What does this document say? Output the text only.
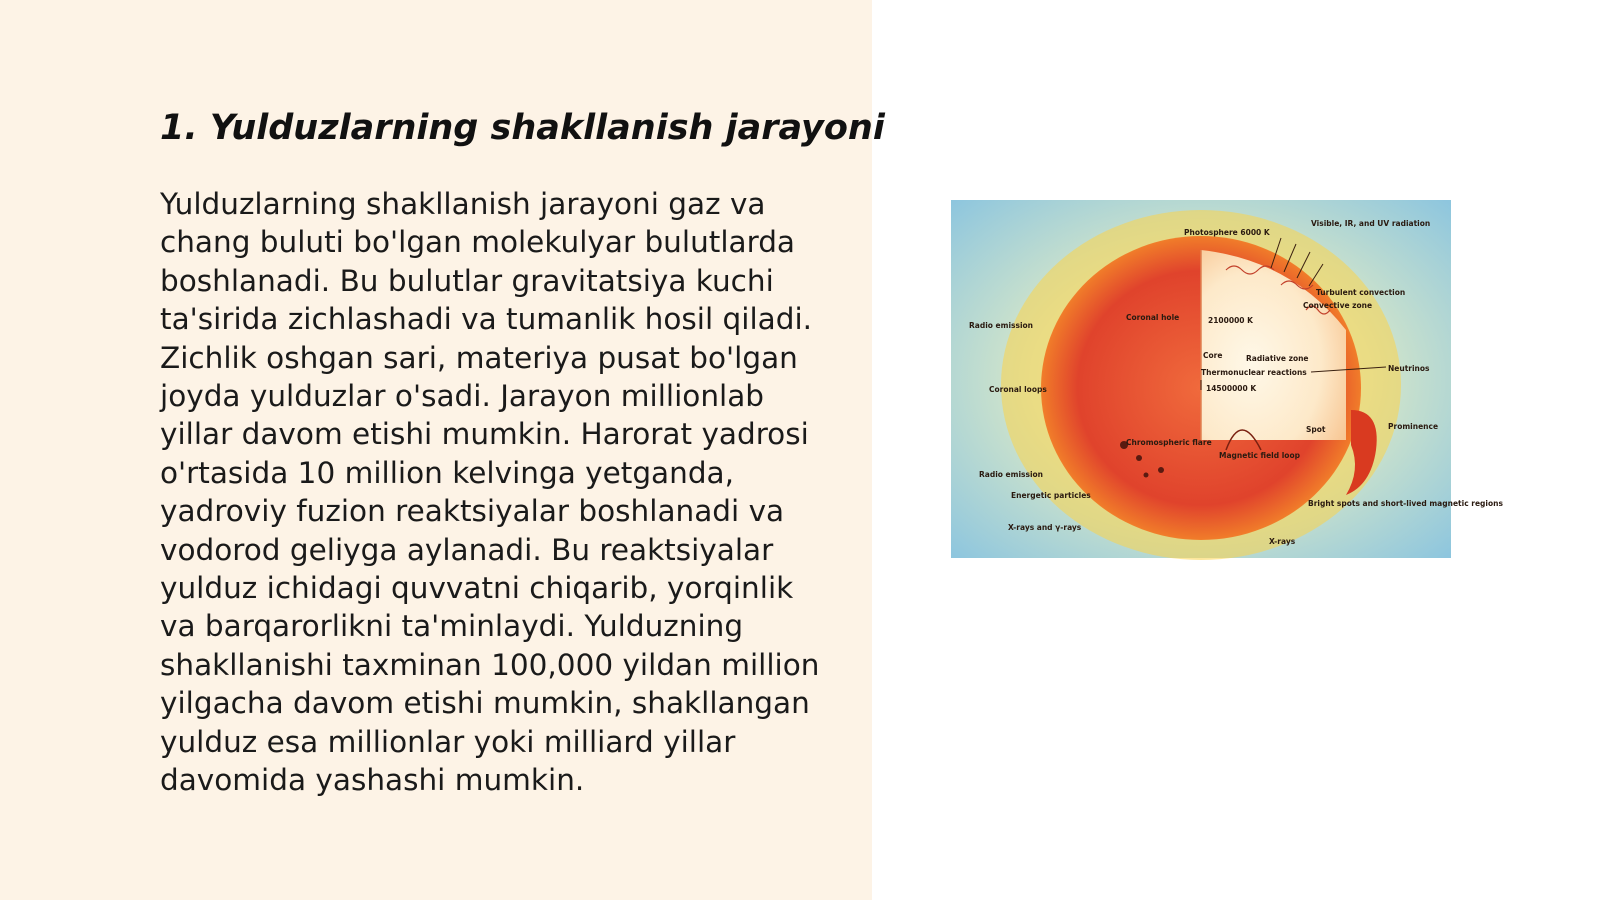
1. Yulduzlarning shakllanish jarayoni
Yulduzlarning shakllanish jarayoni gaz va
chang buluti bo'lgan molekulyar bulutlarda
boshlanadi. Bu bulutlar gravitatsiya kuchi
ta'sirida zichlashadi va tumanlik hosil qiladi.
Zichlik oshgan sari, materiya pusat bo'lgan
joyda yulduzlar o'sadi. Jarayon millionlab
yillar davom etishi mumkin. Harorat yadrosi
o'rtasida 10 million kelvinga yetganda,
yadroviy fuzion reaktsiyalar boshlanadi va
vodorod geliyga aylanadi. Bu reaktsiyalar
yulduz ichidagi quvvatni chiqarib, yorqinlik
va barqarorlikni ta'minlaydi. Yulduzning
shakllanishi taxminan 100,000 yildan million
yilgacha davom etishi mumkin, shakllangan
yulduz esa millionlar yoki milliard yillar
davomida yashashi mumkin.
Photosphere 6000 K
Visible, IR, and UV radiation
Turbulent convection
Convective zone
Radio emission
Coronal hole	2100000 K
Core	Radiative zone
Thermonuclear reactions	Neutrinos
14500000 K
Coronal loops
Prominence
Spot
Chromospheric flare
Magnetic field loop
Radio emission
Energetic particles
Bright spots and short-lived magnetic regions
X-rays and γ-rays
X-rays
